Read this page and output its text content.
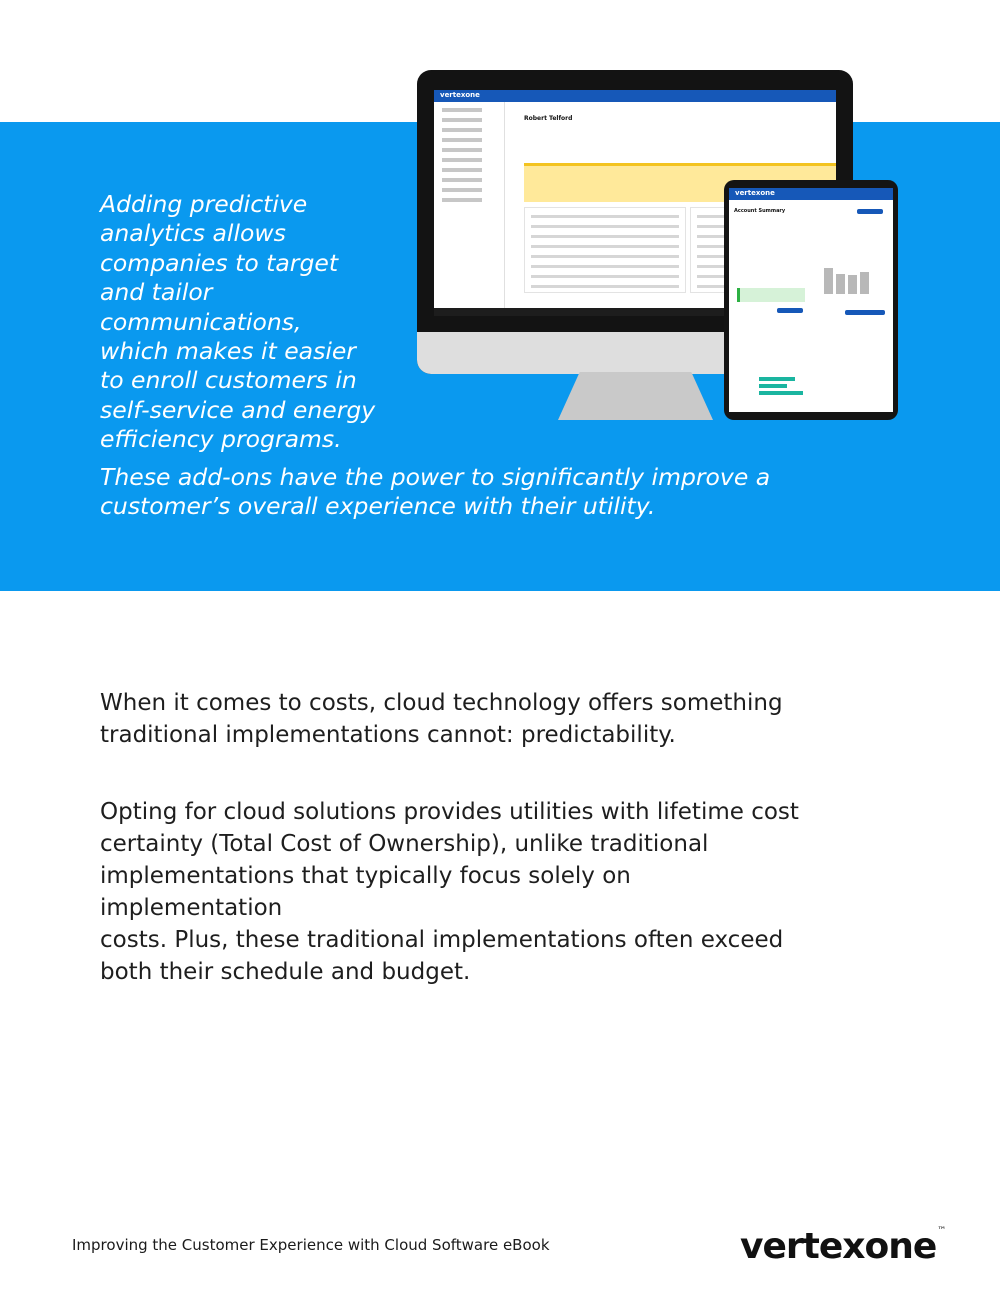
Adding predictive
analytics allows
companies to target
and tailor
communications,
which makes it easier
to enroll customers in
self-service and energy
efficiency programs.

These add-ons have the power to significantly improve a
customer’s overall experience with their utility.

vertexone
Robert Telford
vertexone
Account Summary

When it comes to costs, cloud technology offers something
traditional implementations cannot: predictability.

Opting for cloud solutions provides utilities with lifetime cost
certainty (Total Cost of Ownership), unlike traditional
implementations that typically focus solely on implementation
costs. Plus, these traditional implementations often exceed
both their schedule and budget.

Improving the Customer Experience with Cloud Software eBook	vertexone™
